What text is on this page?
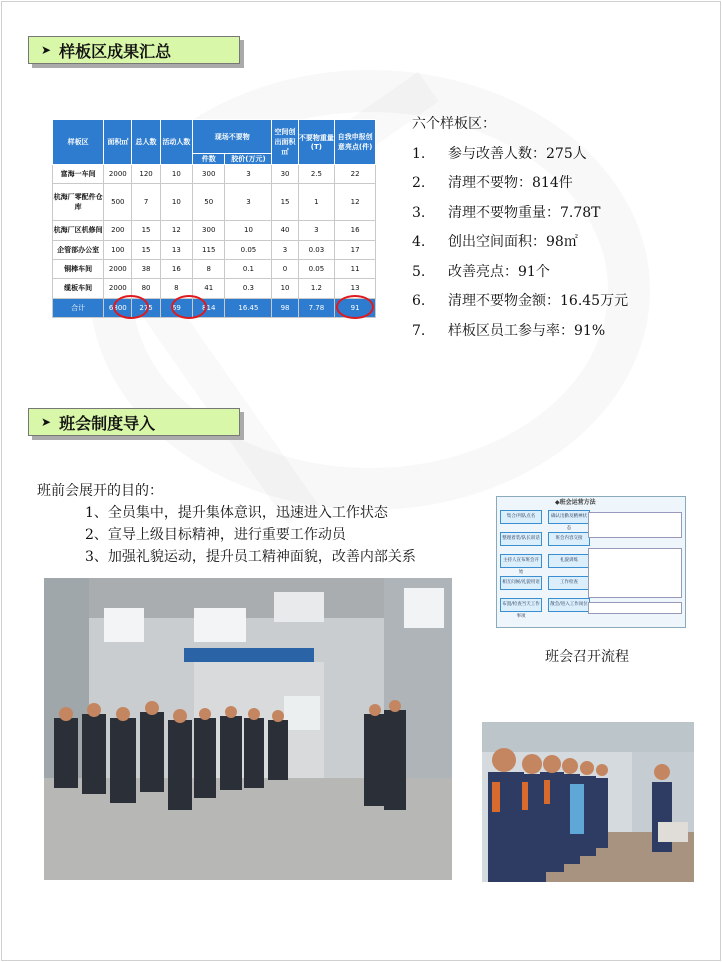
➤ 样板区成果汇总
样板区	面积㎡	总人数	活动人数	现场不要物		空间创出面积㎡	不要物重量(T)	自我申报创意亮点(件)
				件数	胶价(万元)			
富海一车间	2000	120	10	300	3	30	2.5	22
杭海厂零配件仓库	500	7	10	50	3	15	1	12
杭海厂区机修间	200	15	12	300	10	40	3	16
企管部办公室	100	15	13	115	0.05	3	0.03	17
铜棒车间	2000	38	16	8	0.1	0	0.05	11
缆板车间	2000	80	8	41	0.3	10	1.2	13
合计	6800	275	69	814	16.45	98	7.78	91
六个样板区：
1.	参与改善人数：275人
2.	清理不要物：814件
3.	清理不要物重量：7.78T
4.	创出空间面积：98㎡
5.	改善亮点：91个
6.	清理不要物金额：16.45万元
7.	样板区员工参与率：91%
➤ 班会制度导入
班前会展开的目的：
1、全员集中，提升集体意识，迅速进入工作状态
2、宣导上级目标精神，进行重要工作动员
3、加强礼貌运动，提升员工精神面貌，改善内部关系
◆班会运营方法
集合/列队点名
整理着装/队长训话
主持人宣布班会开始
相互问候/礼貌用语
布置/检查当天工作事项
确认出勤及精神状态
班会内容交接
礼貌训练
工作检查
散会/进入工作岗位
班会召开流程
